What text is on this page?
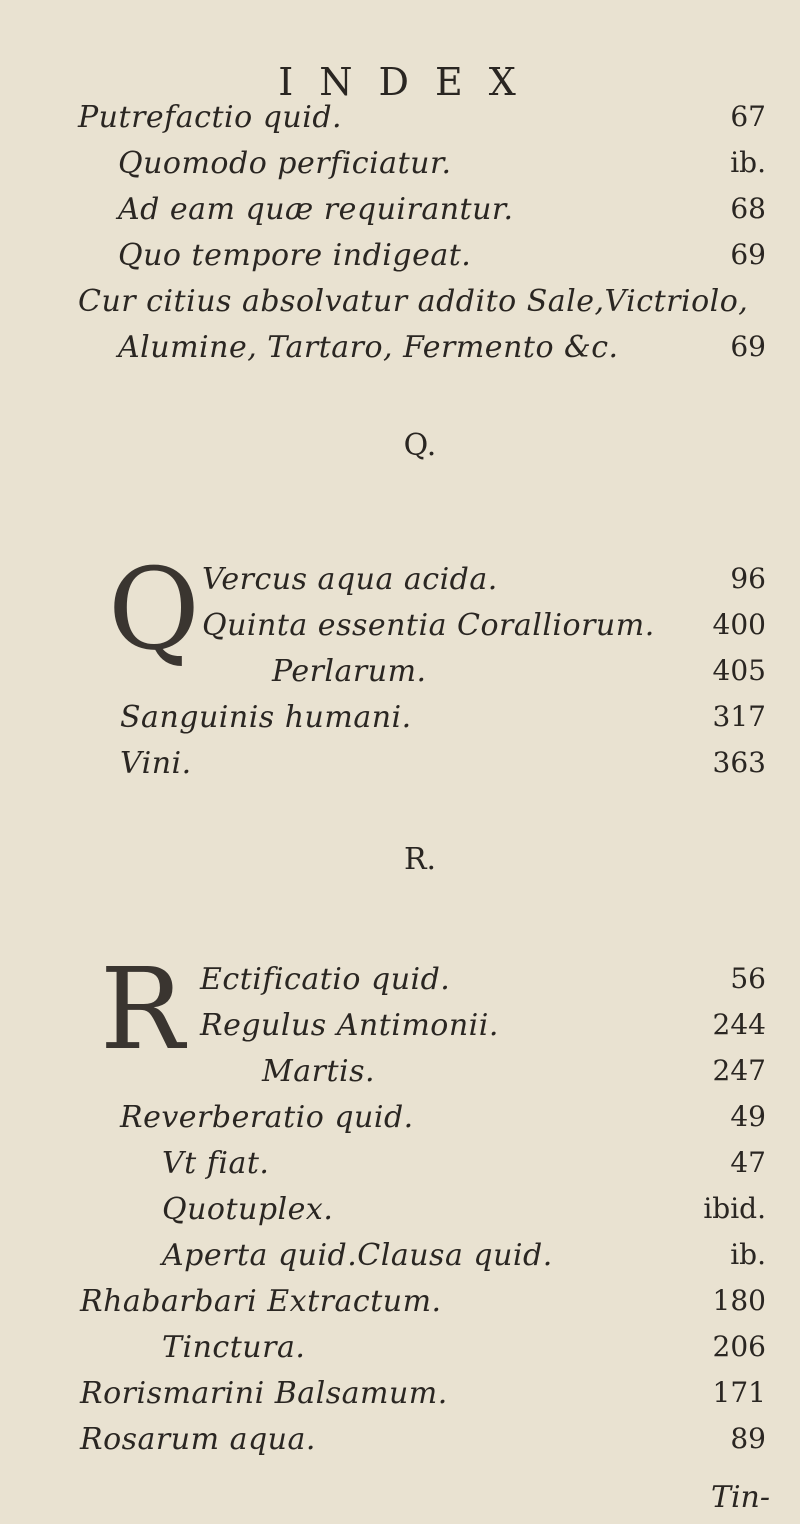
INDEX
Putrefactio quid.	67
Quomodo perficiatur.	ib.
Ad eam quæ requirantur.	68
Quo tempore indigeat.	69
Cur citius absolvatur addito Sale,Victriolo,
Alumine, Tartaro, Fermento &c.	69
Q.
Q Vercus aqua acida.	96
Quinta essentia Coralliorum. 400
Perlarum.	405
Sanguinis humani.	317
Vini.	363
R.
R Ectificatio quid.	56
Regulus Antimonii.	244
Martis.	247
Reverberatio quid.	49
Vt fiat.	47
Quotuplex.	ibid.
Aperta quid.Clausa quid.	ib.
Rhabarbari Extractum.	180
Tinctura.	206
Rorismarini Balsamum.	171
Rosarum aqua.	89
Tin-
